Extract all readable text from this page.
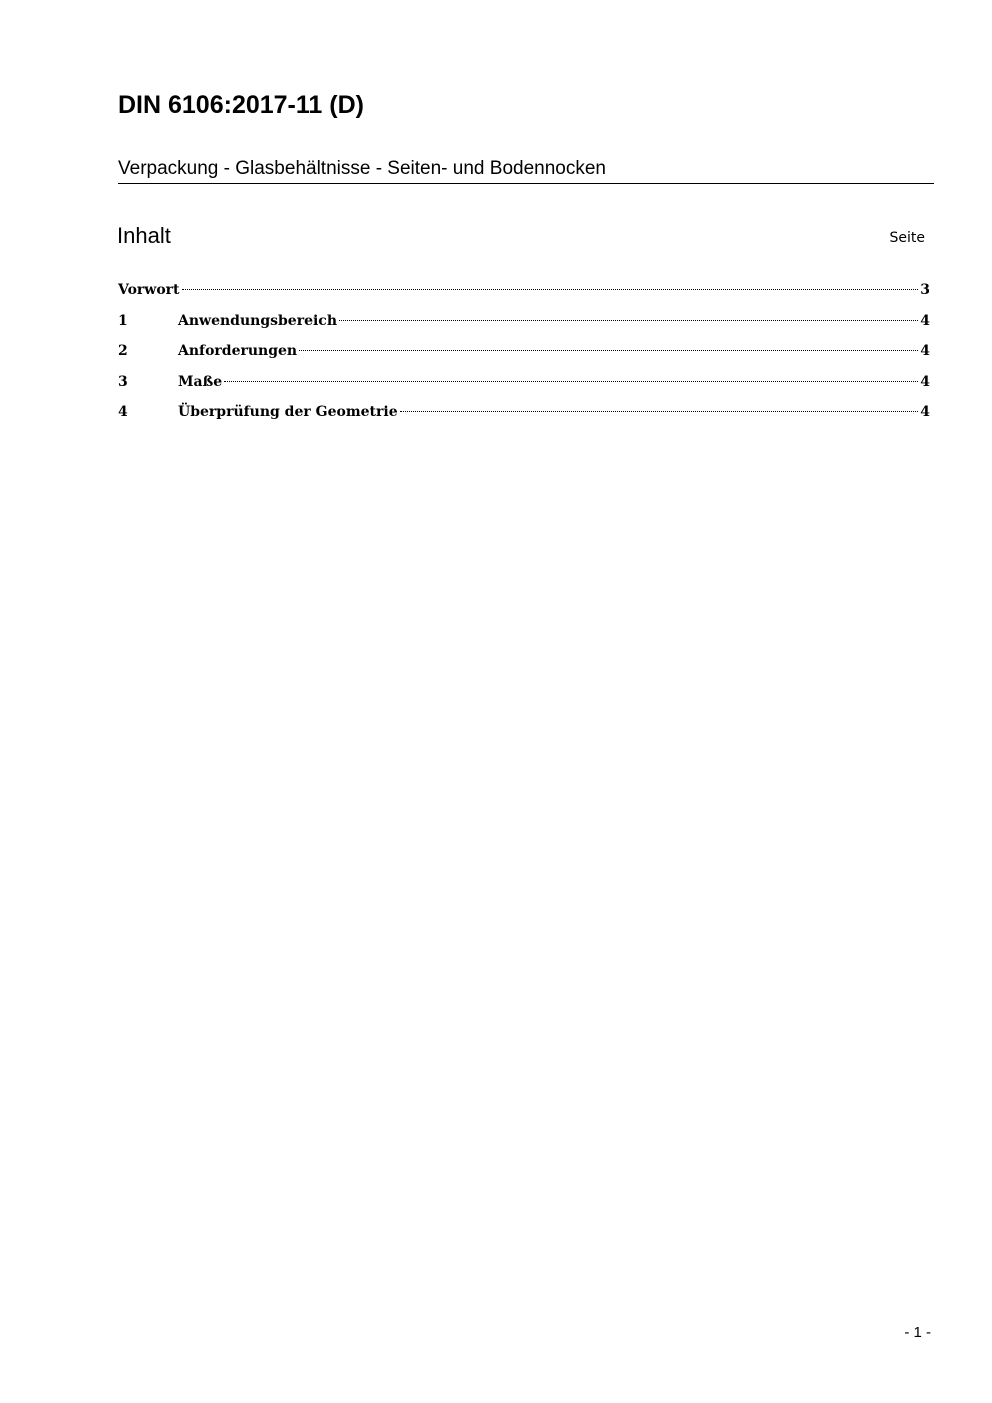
DIN 6106:2017-11 (D)
Verpackung - Glasbehältnisse - Seiten- und Bodennocken
Inhalt	Seite
Vorwort	3
1	Anwendungsbereich	4
2	Anforderungen	4
3	Maße	4
4	Überprüfung der Geometrie	4
- 1 -
